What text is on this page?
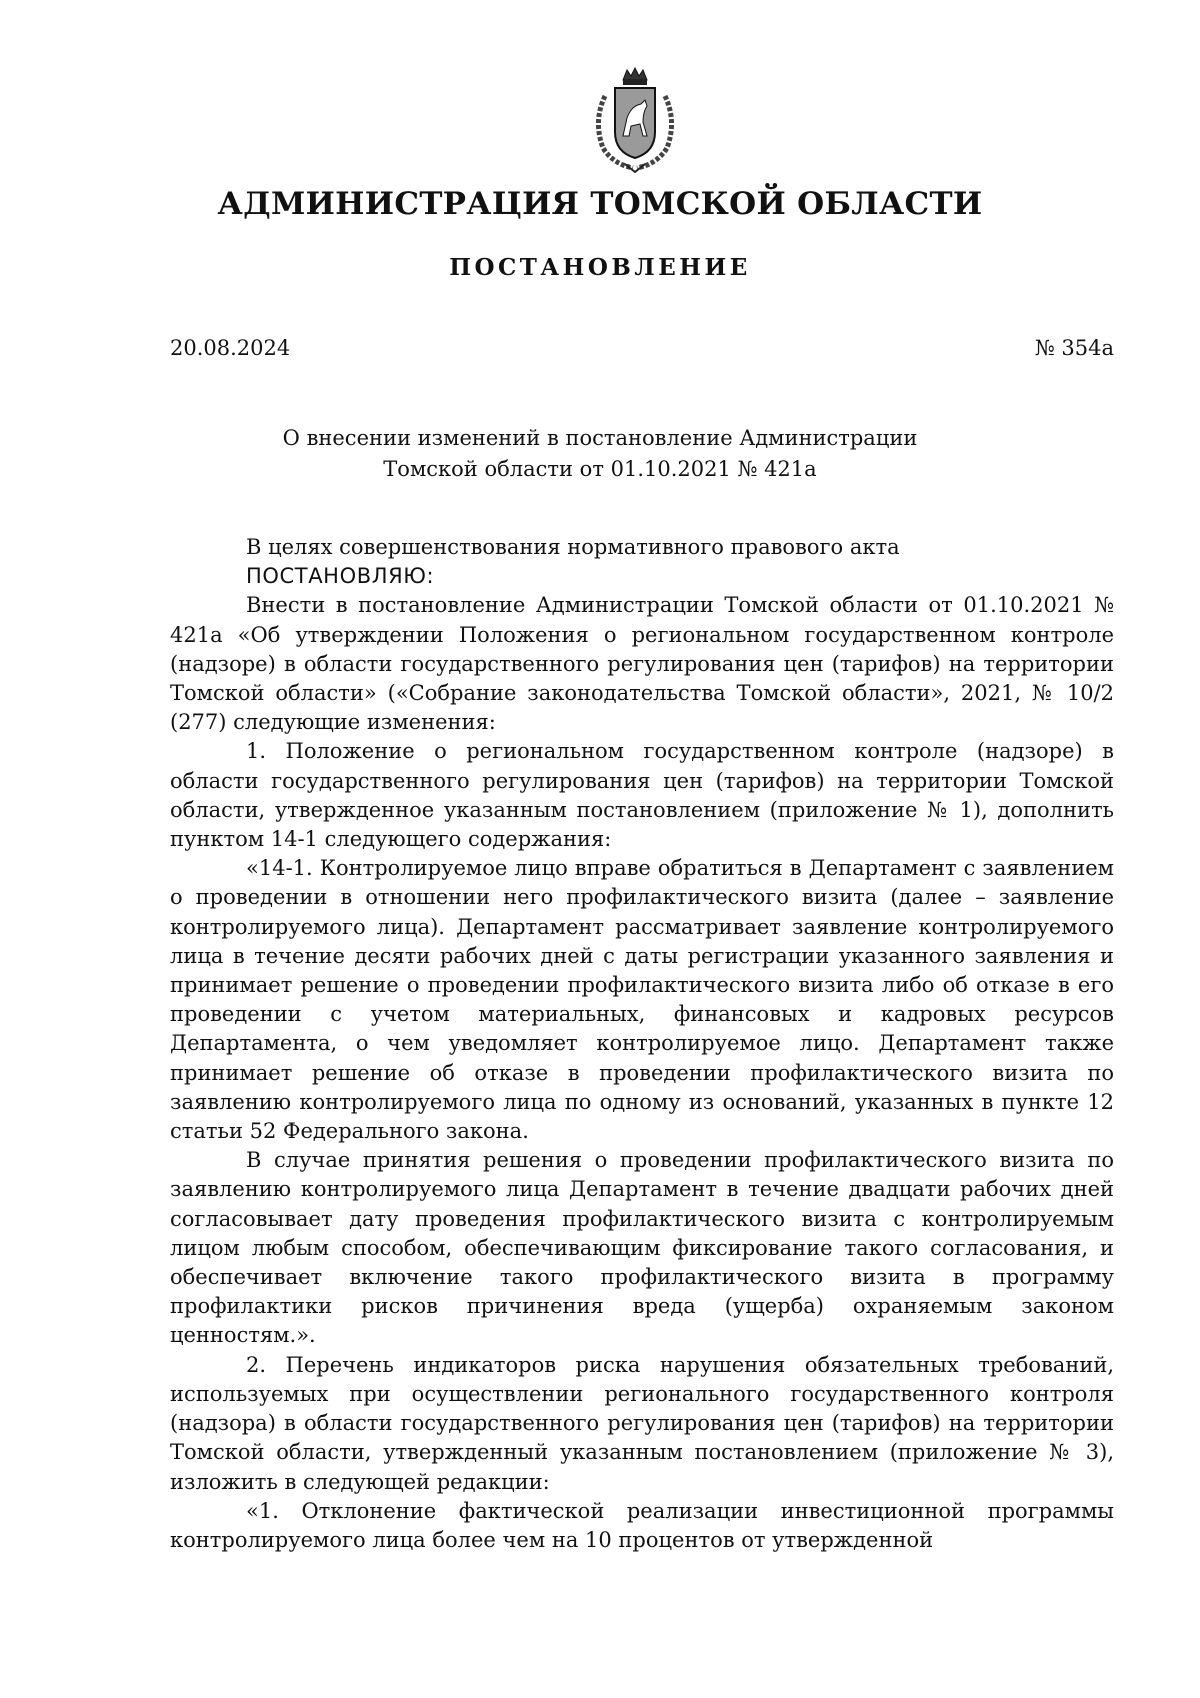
АДМИНИСТРАЦИЯ ТОМСКОЙ ОБЛАСТИ
ПОСТАНОВЛЕНИЕ
20.08.2024	№ 354а
О внесении изменений в постановление Администрации
Томской области от 01.10.2021 № 421а

В целях совершенствования нормативного правового акта

ПОСТАНОВЛЯЮ:

Внести в постановление Администрации Томской области от 01.10.2021 № 421а «Об утверждении Положения о региональном государственном контроле (надзоре) в области государственного регулирования цен (тарифов) на территории Томской области» («Собрание законодательства Томской области», 2021, № 10/2 (277) следующие изменения:

1. Положение о региональном государственном контроле (надзоре) в области государственного регулирования цен (тарифов) на территории Томской области, утвержденное указанным постановлением (приложение № 1), дополнить пунктом 14-1 следующего содержания:

«14-1. Контролируемое лицо вправе обратиться в Департамент с заявлением о проведении в отношении него профилактического визита (далее – заявление контролируемого лица). Департамент рассматривает заявление контролируемого лица в течение десяти рабочих дней с даты регистрации указанного заявления и принимает решение о проведении профилактического визита либо об отказе в его проведении с учетом материальных, финансовых и кадровых ресурсов Департамента, о чем уведомляет контролируемое лицо. Департамент также принимает решение об отказе в проведении профилактического визита по заявлению контролируемого лица по одному из оснований, указанных в пункте 12 статьи 52 Федерального закона.

В случае принятия решения о проведении профилактического визита по заявлению контролируемого лица Департамент в течение двадцати рабочих дней согласовывает дату проведения профилактического визита с контролируемым лицом любым способом, обеспечивающим фиксирование такого согласования, и обеспечивает включение такого профилактического визита в программу профилактики рисков причинения вреда (ущерба) охраняемым законом ценностям.».

2. Перечень индикаторов риска нарушения обязательных требований, используемых при осуществлении регионального государственного контроля (надзора) в области государственного регулирования цен (тарифов) на территории Томской области, утвержденный указанным постановлением (приложение № 3), изложить в следующей редакции:

«1. Отклонение фактической реализации инвестиционной программы контролируемого лица более чем на 10 процентов от утвержденной
